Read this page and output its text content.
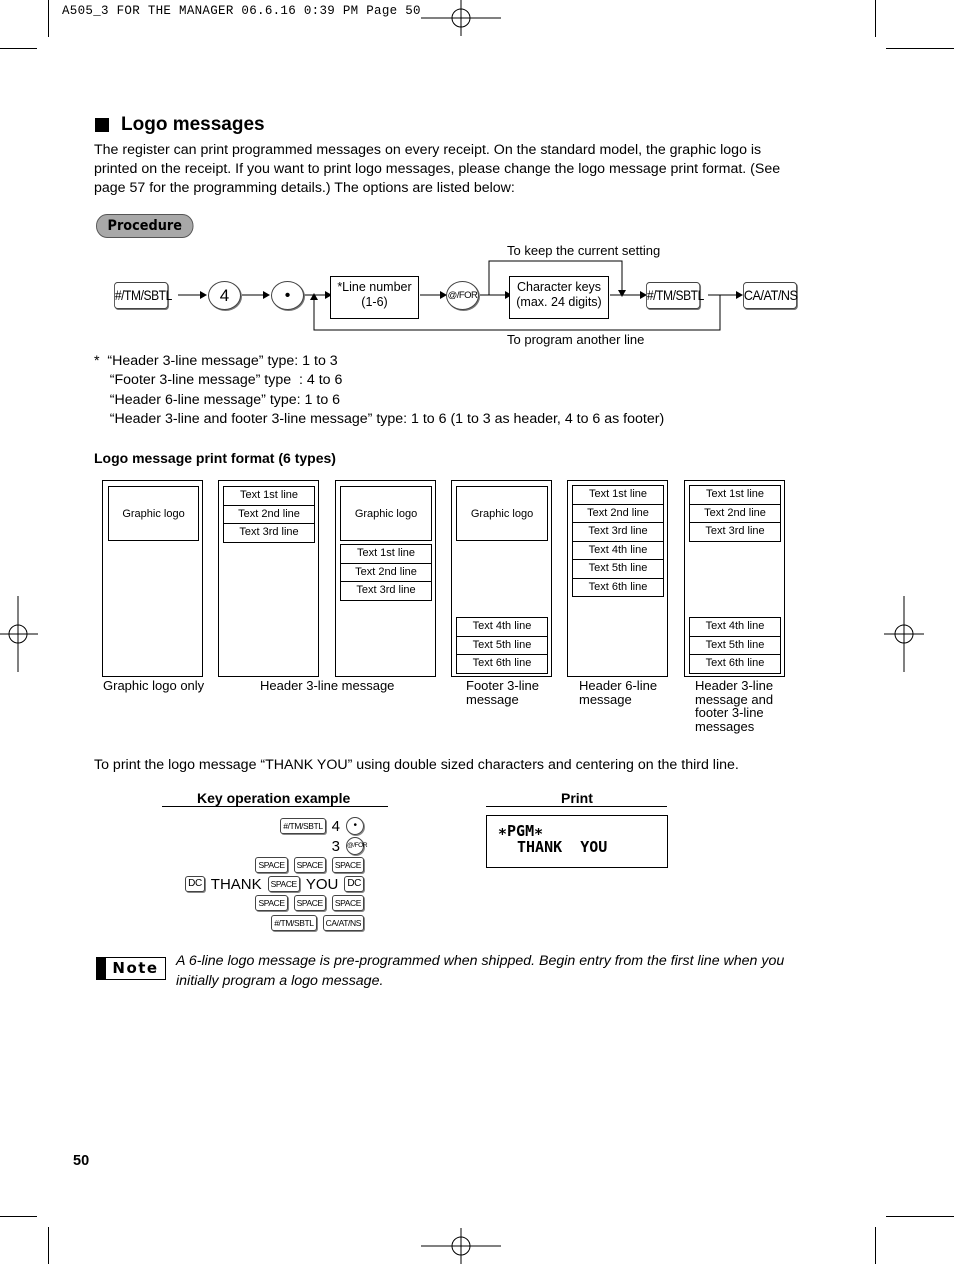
A505_3 FOR THE MANAGER 06.6.16 0:39 PM Page 50
Logo messages
The register can print programmed messages on every receipt. On the standard model, the graphic logo is
printed on the receipt. If you want to print logo messages, please change the logo message print format. (See
page 57 for the programming details.) The options are listed below:
Procedure
#/TM/SBTL	4	•	*Line number
(1-6)	@/FOR
Character keys
(max. 24 digits)	#/TM/SBTL	CA/AT/NS
To keep the current setting
To program another line
*  “Header 3-line message” type: 1 to 3
“Footer 3-line message” type  : 4 to 6
“Header 6-line message” type: 1 to 6
“Header 3-line and footer 3-line message” type: 1 to 6 (1 to 3 as header, 4 to 6 as footer)
Logo message print format (6 types)
Graphic logo
Text 1st line
Text 2nd line
Text 3rd line
Graphic logo
Text 1st line
Text 2nd line
Text 3rd line
Graphic logo
Text 4th line
Text 5th line
Text 6th line
Text 1st line
Text 2nd line
Text 3rd line
Text 4th line
Text 5th line
Text 6th line
Text 1st line
Text 2nd line
Text 3rd line
Text 4th line
Text 5th line
Text 6th line
Graphic logo only	Header 3-line message	Footer 3-line
message
Header 6-line
message
Header 3-line
message and
footer 3-line
messages
To print the logo message “THANK YOU” using double sized characters and centering on the third line.
Key operation example	Print
#/TM/SBTL 4	•
3 @/FOR
SPACE	SPACE	SPACE
DC THANK	SPACE YOU DC
SPACE	SPACE	SPACE
#/TM/SBTL	CA/AT/NS
∗PGM∗
THANK  YOU
Note	A 6-line logo message is pre-programmed when shipped. Begin entry from the first line when you initially program a logo message.
50
